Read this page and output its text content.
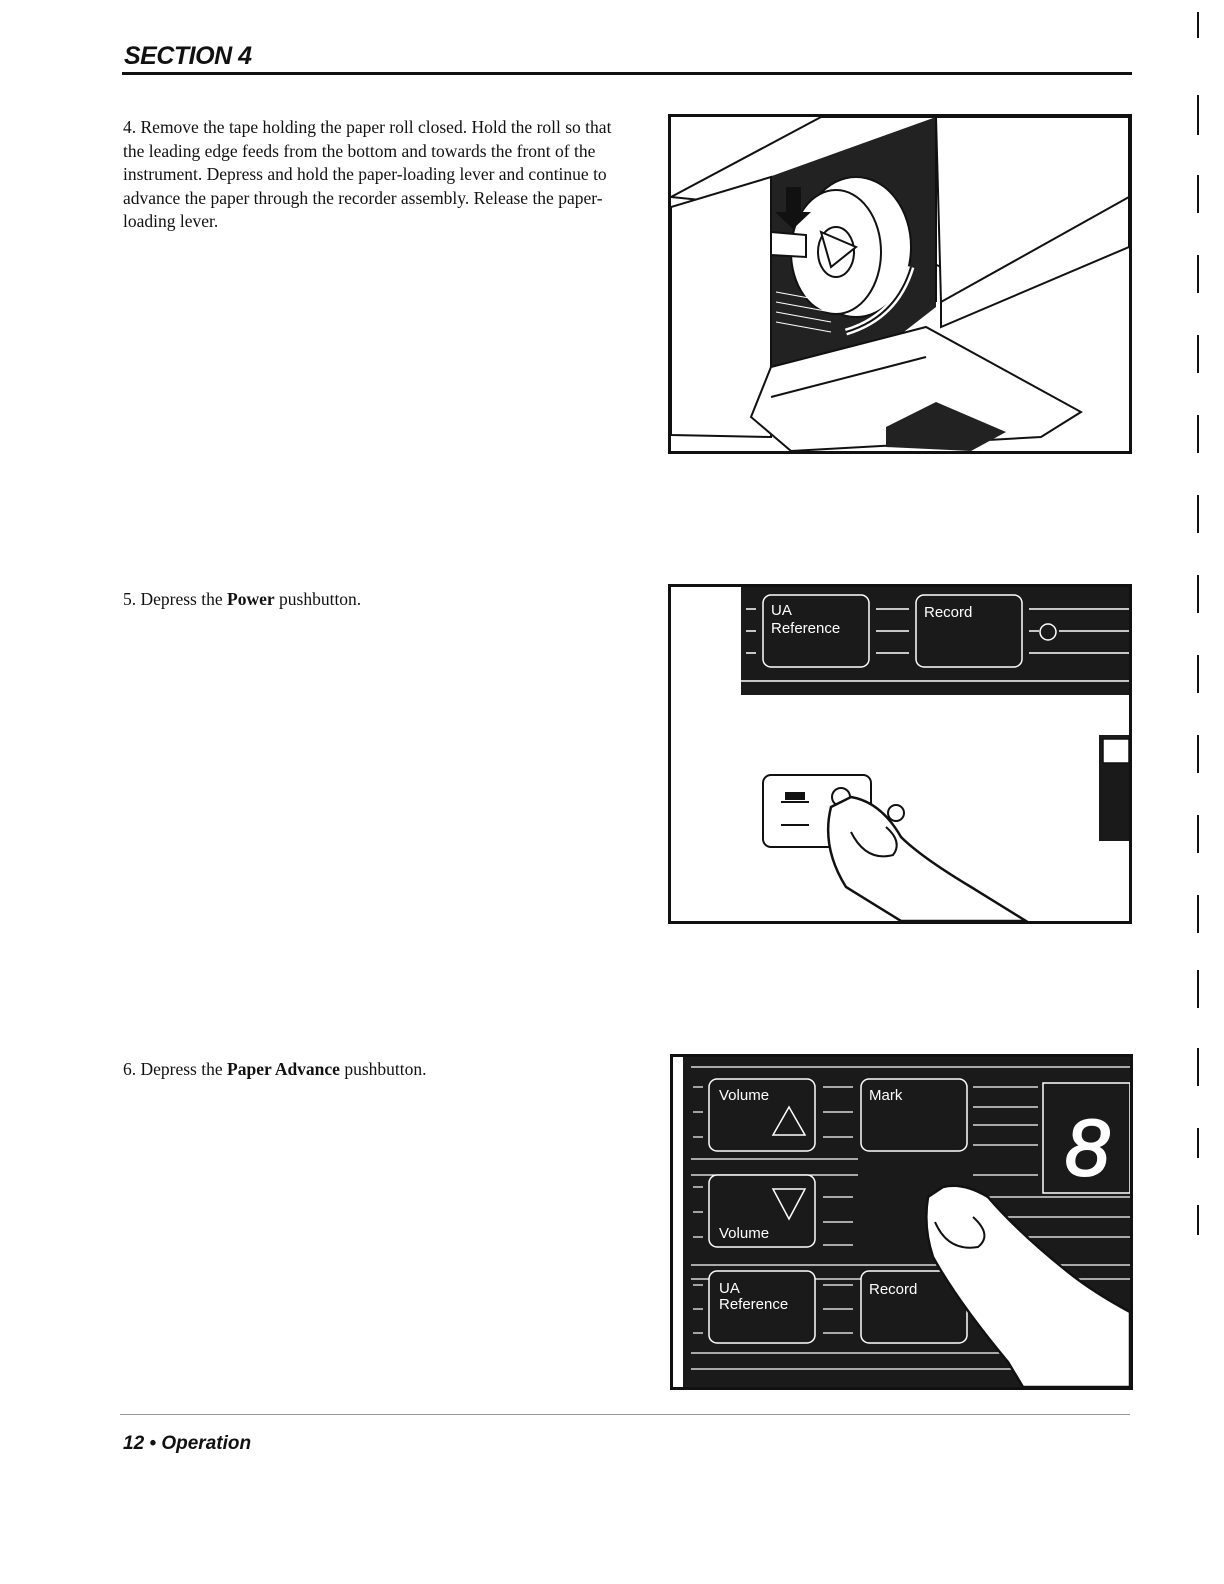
SECTION 4
4. Remove the tape holding the paper roll closed. Hold the roll so that the leading edge feeds from the bottom and towards the front of the instrument. Depress and hold the paper-loading lever and continue to advance the paper through the recorder assembly. Release the paper-loading lever.
5. Depress the Power pushbutton.
UA
Reference
Record
6. Depress the Paper Advance pushbutton.
Volume
Volume
Mark
8
UA
Reference
Record
12 • Operation
